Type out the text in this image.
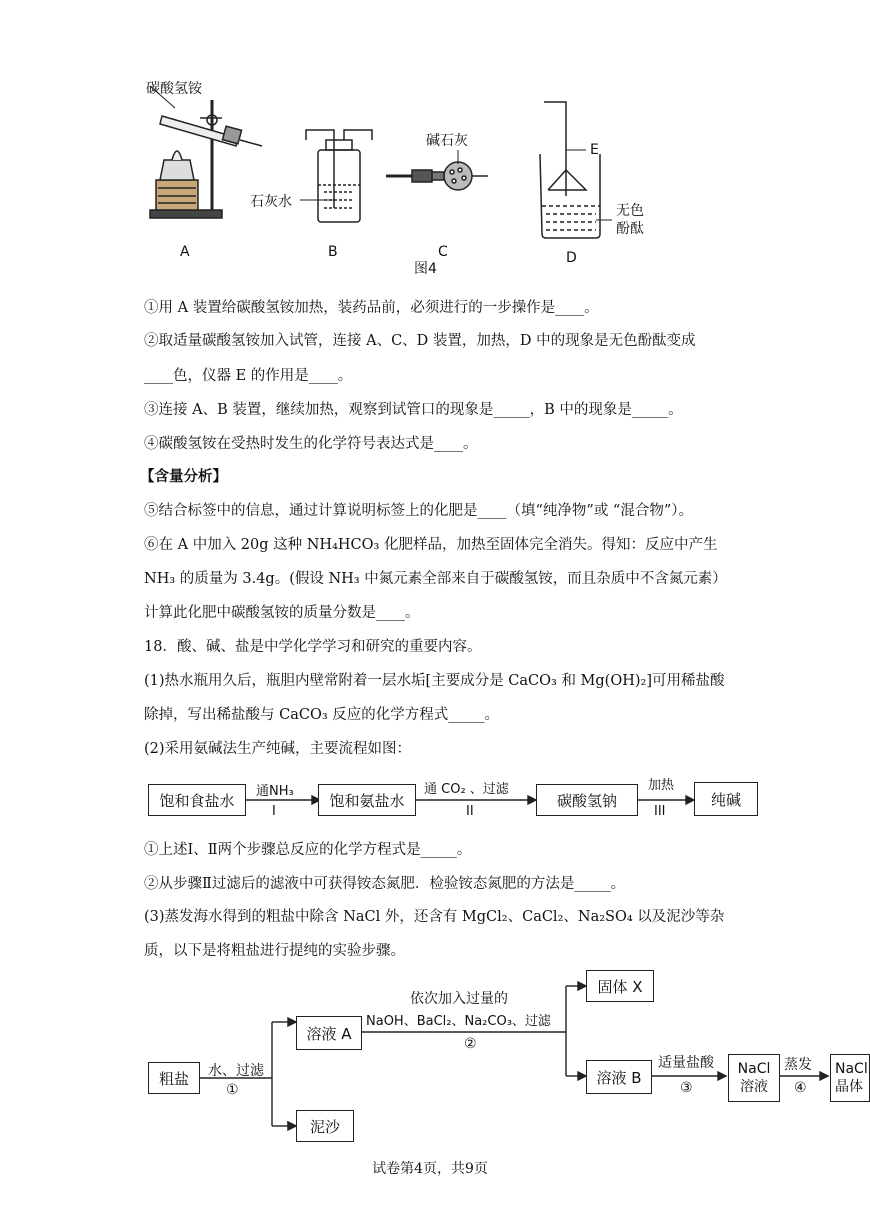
碳酸氢铵
石灰水
碱石灰
E
无色
酚酞
A	B	C	D
图4
①用 A 装置给碳酸氢铵加热，装药品前，必须进行的一步操作是____。
②取适量碳酸氢铵加入试管，连接 A、C、D 装置，加热，D 中的现象是无色酚酞变成
____色，仪器 E 的作用是____。
③连接 A、B 装置，继续加热，观察到试管口的现象是_____，B 中的现象是_____。
④碳酸氢铵在受热时发生的化学符号表达式是____。
【含量分析】
⑤结合标签中的信息，通过计算说明标签上的化肥是____（填“纯净物”或 “混合物”）。
⑥在 A 中加入 20g 这种 NH₄HCO₃ 化肥样品，加热至固体完全消失。得知：反应中产生
NH₃ 的质量为 3.4g。(假设 NH₃ 中氮元素全部来自于碳酸氢铵，而且杂质中不含氮元素）
计算此化肥中碳酸氢铵的质量分数是____。
18．酸、碱、盐是中学化学学习和研究的重要内容。
(1)热水瓶用久后，瓶胆内壁常附着一层水垢[主要成分是 CaCO₃ 和 Mg(OH)₂]可用稀盐酸
除掉，写出稀盐酸与 CaCO₃ 反应的化学方程式_____。
(2)采用氨碱法生产纯碱，主要流程如图：
饱和食盐水	通NH₃
I
饱和氨盐水
通 CO₂ 、过滤
II
碳酸氢钠
加热
III
纯碱
①上述Ⅰ、Ⅱ两个步骤总反应的化学方程式是_____。
②从步骤Ⅱ过滤后的滤液中可获得铵态氮肥．检验铵态氮肥的方法是_____。
(3)蒸发海水得到的粗盐中除含 NaCl 外，还含有 MgCl₂、CaCl₂、Na₂SO₄ 以及泥沙等杂
质，以下是将粗盐进行提纯的实验步骤。
粗盐	水、过滤
①
溶液 A
泥沙
依次加入过量的
NaOH、BaCl₂、Na₂CO₃、过滤
②
固体 X
溶液 B
适量盐酸
③
NaCl
溶液
蒸发
④
NaCl
晶体
试卷第4页，共9页
